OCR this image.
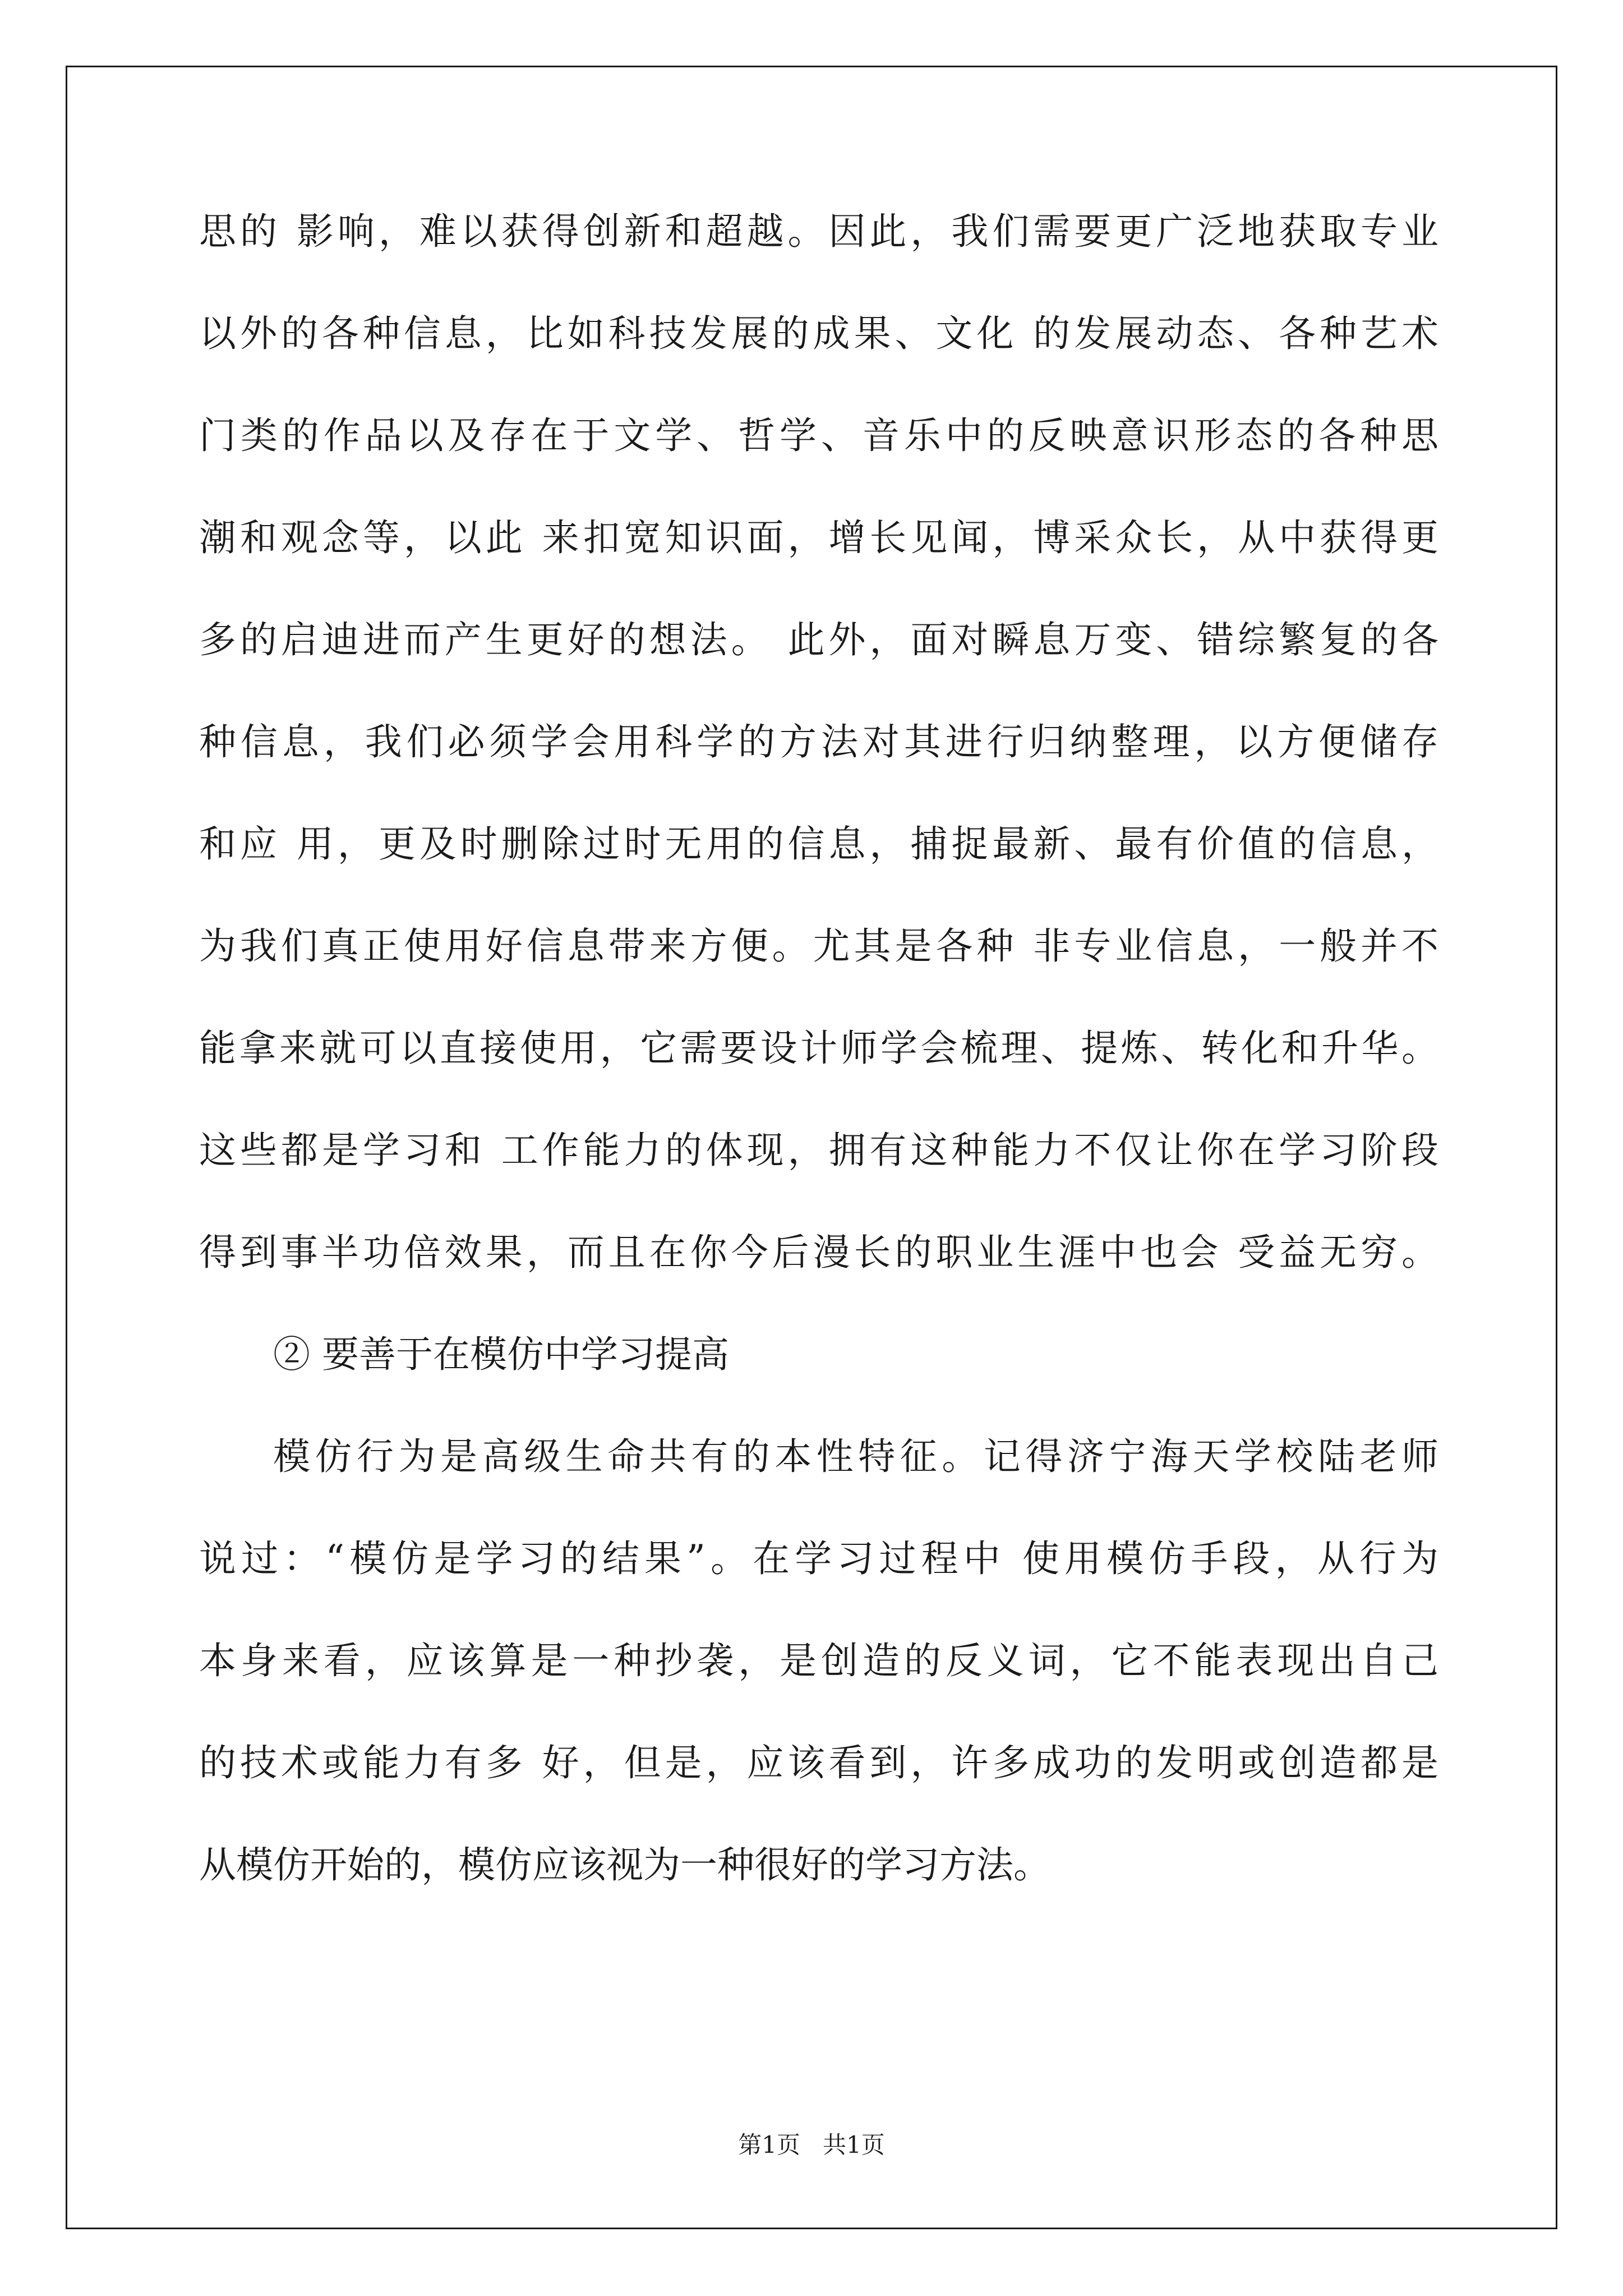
思的 影响，难以获得创新和超越。因此，我们需要更广泛地获取专业
以外的各种信息，比如科技发展的成果、文化 的发展动态、各种艺术
门类的作品以及存在于文学、哲学、音乐中的反映意识形态的各种思
潮和观念等，以此 来扣宽知识面，增长见闻，博采众长，从中获得更
多的启迪进而产生更好的想法。 此外，面对瞬息万变、错综繁复的各
种信息，我们必须学会用科学的方法对其进行归纳整理，以方便储存
和应 用，更及时删除过时无用的信息，捕捉最新、最有价值的信息，
为我们真正使用好信息带来方便。尤其是各种 非专业信息，一般并不
能拿来就可以直接使用，它需要设计师学会梳理、提炼、转化和升华。
这些都是学习和 工作能力的体现，拥有这种能力不仅让你在学习阶段
得到事半功倍效果，而且在你今后漫长的职业生涯中也会 受益无穷。
② 要善于在模仿中学习提高
模仿行为是高级生命共有的本性特征。记得济宁海天学校陆老师
说过：“模仿是学习的结果”。在学习过程中 使用模仿手段，从行为
本身来看，应该算是一种抄袭，是创造的反义词，它不能表现出自己
的技术或能力有多 好，但是，应该看到，许多成功的发明或创造都是
从模仿开始的，模仿应该视为一种很好的学习方法。
第1页 共1页
